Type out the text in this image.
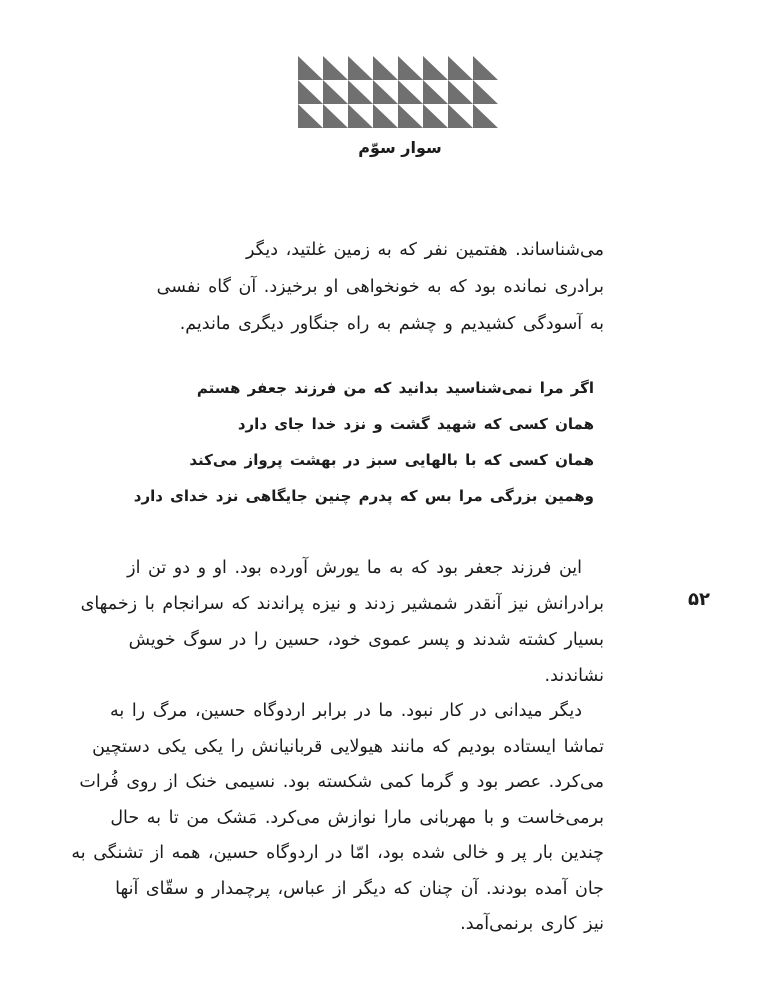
سوار سوّم
می‌شناساند. هفتمین نفر که به زمین غلتید، دیگر
برادری نمانده بود که به خونخواهی او برخیزد. آن گاه نفسی
به آسودگی کشیدیم و چشم به راه جنگاور دیگری ماندیم.
اگر مرا نمی‌شناسید بدانید که من فرزند جعفر هستم
همان کسی که شهید گشت و نزد خدا جای دارد
همان کسی که با بالهایی سبز در بهشت پرواز می‌کند
وهمین بزرگی مرا بس که پدرم چنین جایگاهی نزد خدای دارد
۵۲
این فرزند جعفر بود که به ما یورش آورده بود. او و دو تن از
برادرانش نیز آنقدر شمشیر زدند و نیزه پراندند که سرانجام با زخمهای
بسیار کشته شدند و پسر عموی خود، حسین را در سوگ خویش
نشاندند.
دیگر میدانی در کار نبود. ما در برابر اردوگاه حسین، مرگ را به
تماشا ایستاده بودیم که مانند هیولایی قربانیانش را یکی یکی دستچین
می‌کرد. عصر بود و گرما کمی شکسته بود. نسیمی خنک از روی فُرات
برمی‌خاست و با مهربانی مارا نوازش می‌کرد. مَشک من تا به حال
چندین بار پر و خالی شده بود، امّا در اردوگاه حسین، همه از تشنگی به
جان آمده بودند. آن چنان که دیگر از عباس، پرچمدار و سقّای آنها
نیز کاری برنمی‌آمد.
